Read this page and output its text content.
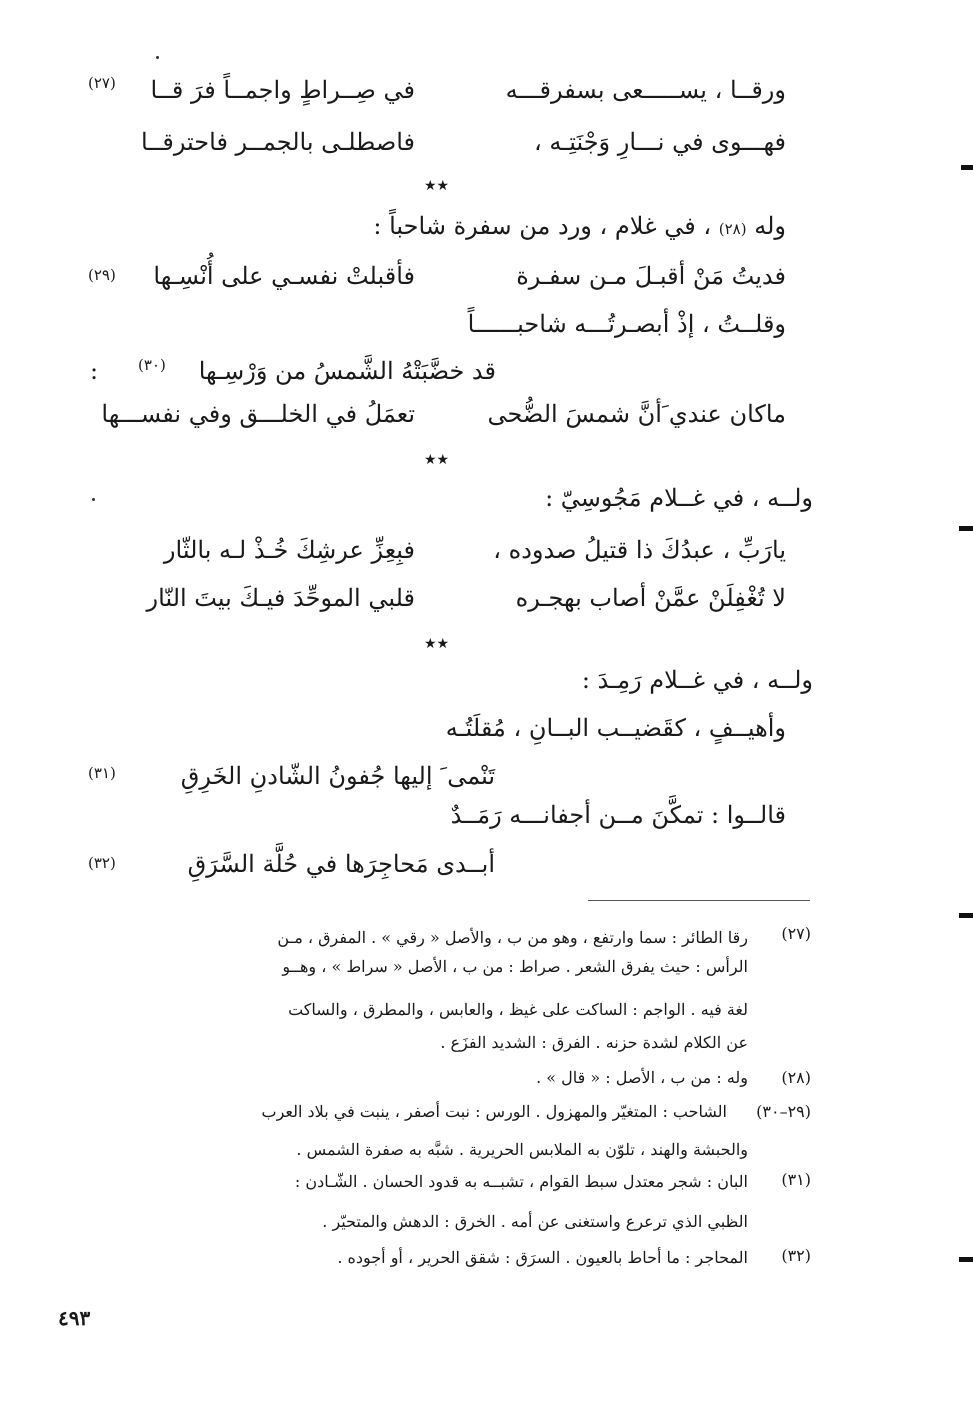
ورقــا ، يســـــعى بسفرقـــه
في صِــراطٍ واجمــاً فرَ قــا
(٢٧)
فهـــوى في نـــارِ وَجْنَتِـه ،
فاصطلـى بالجمــر فاحترقــا
★★
وله (٢٨) ، في غلام ، ورد من سفرة شاحباً :
فديتُ مَنْ أقبـلَ مـن سفـرة
فأقبلتْ نفسـي على أُنْسِـها
(٢٩)
وقلــتُ ، إذْ أبصـرتُـــه شاحبــــــاً
قد خضَّبَتْهُ الشَّمسُ من وَرْسِـها
(٣٠)
:
ماكان عندي َأنَّ شمسَ الضُّحى
تعمَلُ في الخلـــق وفي نفســـها
★★
ولــه ، في غــلام مَجُوسِيّ :
يارَبِّ ، عبدُكَ ذا قتيلُ صدوده ،
فبِعِزِّ عرشِكَ خُـذْ لـه بالثّار
لا تُغْفِلَنْ عمَّنْ أصاب بهجـره
قلبي الموحِّدَ فيـكَ بيتَ النّار
★★
ولــه ، في غــلام رَمِـدَ :
وأهيــفٍ ، كقَضيــب البــانِ ، مُقلَتُـه
تَنْمى َ إليها جُفونُ الشّادنِ الخَرِقِ
(٣١)
قالــوا : تمكَّنَ مــن أجفانـــه رَمَــدٌ
أبــدى مَحاجِرَها في حُلَّة السَّرَقِ
(٣٢)
(٢٧)
رقا الطائر : سما وارتفع ، وهو من ب ، والأصل « رقي » . المفرق ، مـن
الرأس : حيث يفرق الشعر . صراط : من ب ، الأصل « سراط » ، وهــو
لغة فيه . الواجم : الساكت على غيظ ، والعابس ، والمطرق ، والساكت
عن الكلام لشدة حزنه . الفرق : الشديد الفزَع .
(٢٨)
وله : من ب ، الأصل : « قال » .
(٢٩–٣٠)
الشاحب : المتغيّر والمهزول . الورس : نبت أصفر ، ينبت في بلاد العرب
والحبشة والهند ، تلوّن به الملابس الحريرية . شبَّه به صفرة الشمس .
(٣١)
البان : شجر معتدل سبط القوام ، تشبــه به قدود الحسان . الشّـادن :
الظبي الذي ترعرع واستغنى عن أمه . الخرق : الدهش والمتحيّر .
(٣٢)
المحاجر : ما أحاط بالعيون . السرَق : شقق الحرير ، أو أجوده .
٤٩٣
